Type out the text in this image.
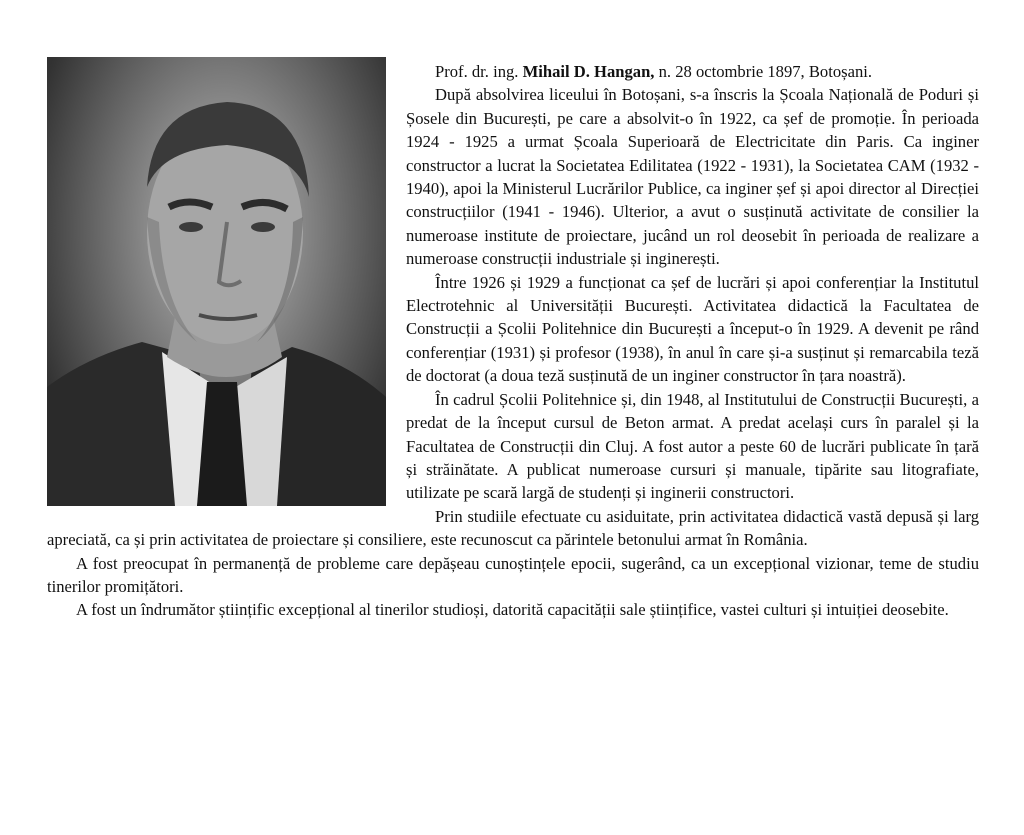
Prof. dr. ing. Mihail D. Hangan, n. 28 octombrie 1897, Botoșani.

După absolvirea liceului în Botoșani, s-a înscris la Școala Națională de Poduri și Șosele din București, pe care a absolvit-o în 1922, ca șef de promoție. În perioada 1924 - 1925 a urmat Școala Superioară de Electricitate din Paris. Ca inginer constructor a lucrat la Societatea Edilitatea (1922 - 1931), la Societatea CAM (1932 - 1940), apoi la Ministerul Lucrărilor Publice, ca inginer șef și apoi director al Direcției construcțiilor (1941 - 1946). Ulterior, a avut o susținută activitate de consilier la numeroase institute de proiectare, jucând un rol deosebit în perioada de realizare a numeroase construcții industriale și inginerești.

Între 1926 și 1929 a funcționat ca șef de lucrări și apoi conferențiar la Institutul Electrotehnic al Universității București. Activitatea didactică la Facultatea de Construcții a Școlii Politehnice din București a început-o în 1929. A devenit pe rând conferențiar (1931) și profesor (1938), în anul în care și-a susținut și remarcabila teză de doctorat (a doua teză susținută de un inginer constructor în țara noastră).

În cadrul Școlii Politehnice și, din 1948, al Institutului de Construcții București, a predat de la început cursul de Beton armat. A predat același curs în paralel și la Facultatea de Construcții din Cluj. A fost autor a peste 60 de lucrări publicate în țară și străinătate. A publicat numeroase cursuri și manuale, tipărite sau litografiate, utilizate pe scară largă de studenți și inginerii constructori.

Prin studiile efectuate cu asiduitate, prin activitatea didactică vastă depusă și larg apreciată, ca și prin activitatea de proiectare și consiliere, este recunoscut ca părintele betonului armat în România.

A fost preocupat în permanență de probleme care depășeau cunoștințele epocii, sugerând, ca un excepțional vizionar, teme de studiu tinerilor promițători.

A fost un îndrumător științific excepțional al tinerilor studioși, datorită capacității sale științifice, vastei culturi și intuiției deosebite.
